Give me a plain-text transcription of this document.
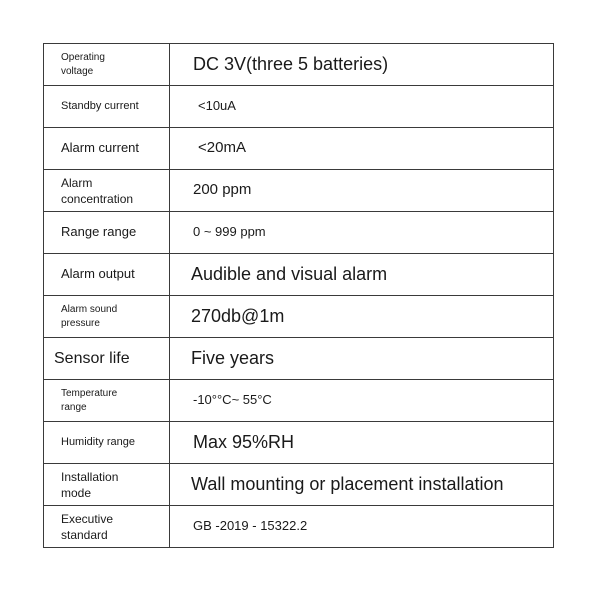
Operating
voltage	DC 3V(three 5 batteries)
Standby current	<10uA
Alarm current	<20mA
Alarm
concentration	200 ppm
Range range	0 ~ 999 ppm
Alarm output	Audible and visual alarm
Alarm sound
pressure	270db@1m
Sensor life	Five years
Temperature
range	-10°°C~ 55°C
Humidity range	Max 95%RH
Installation
mode	Wall mounting or placement installation
Executive
standard	GB -2019 - 15322.2
